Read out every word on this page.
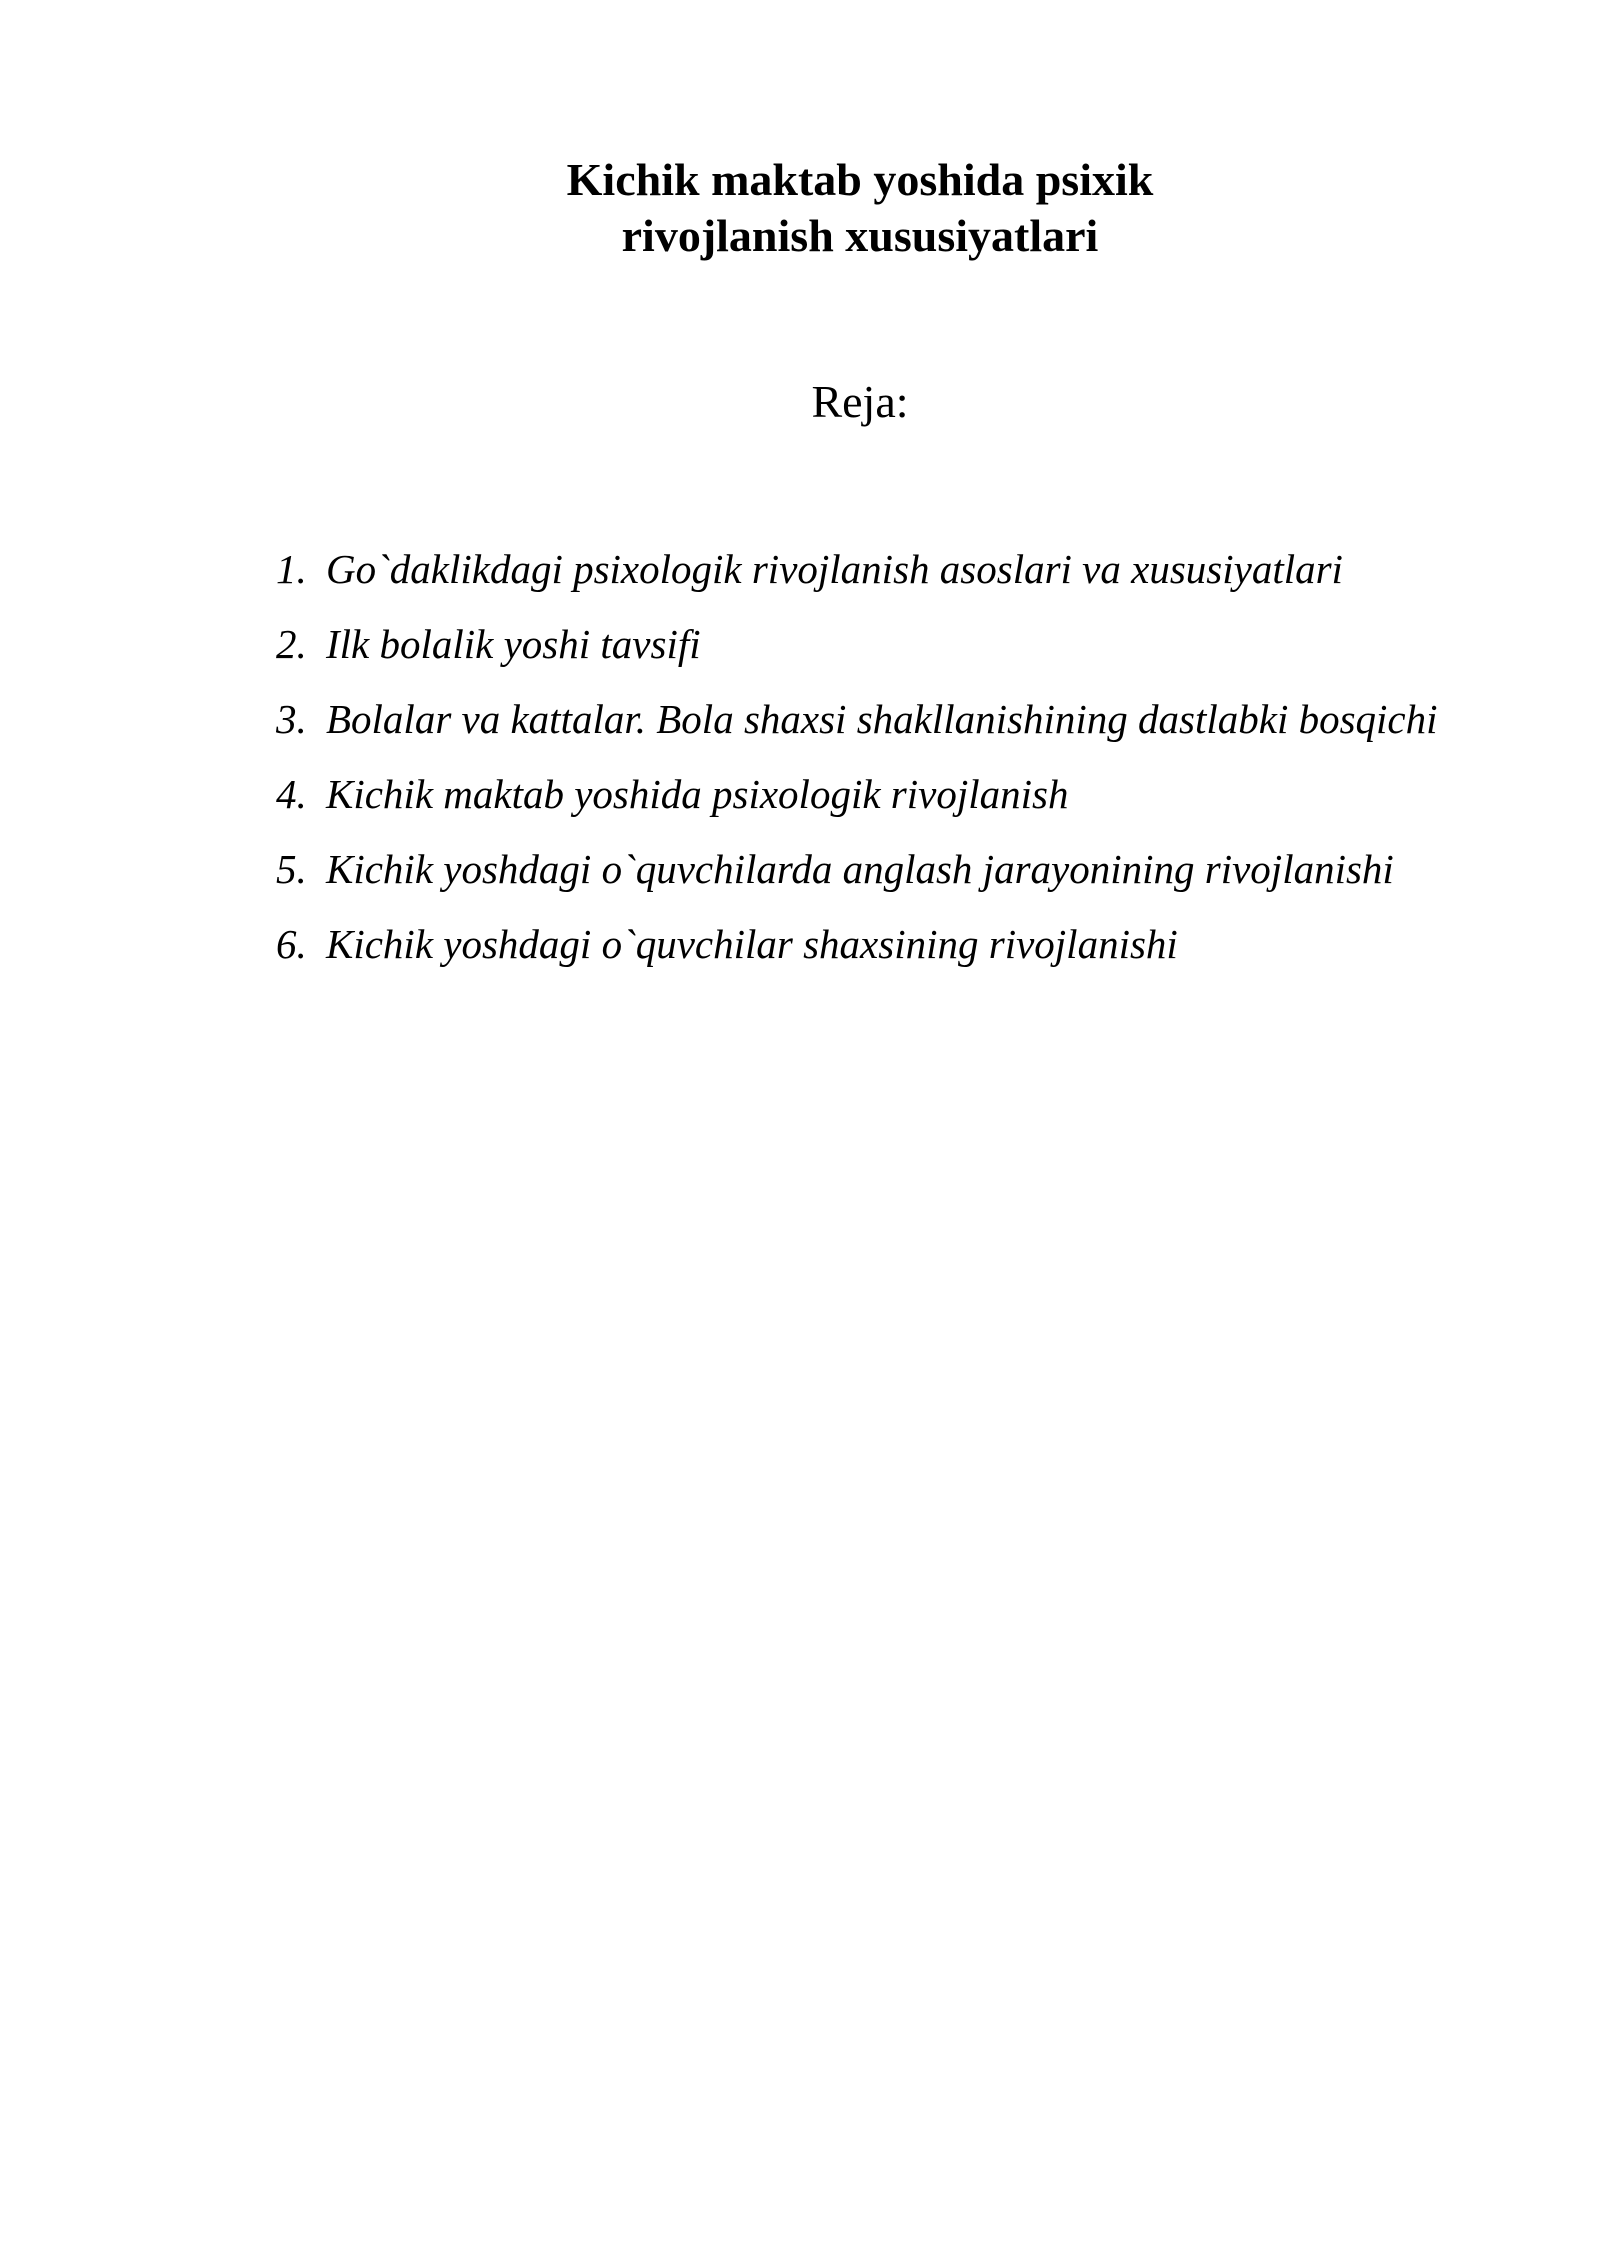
Kichik maktab yoshida psixik
rivojlanish xususiyatlari
Reja:
1. Go`daklikdagi psixologik rivojlanish asoslari va xususiyatlari
2. Ilk bolalik yoshi tavsifi
3. Bolalar va kattalar. Bola shaxsi shakllanishining dastlabki bosqichi
4. Kichik maktab yoshida psixologik rivojlanish
5. Kichik yoshdagi o`quvchilarda anglash jarayonining rivojlanishi
6. Kichik yoshdagi o`quvchilar shaxsining rivojlanishi
